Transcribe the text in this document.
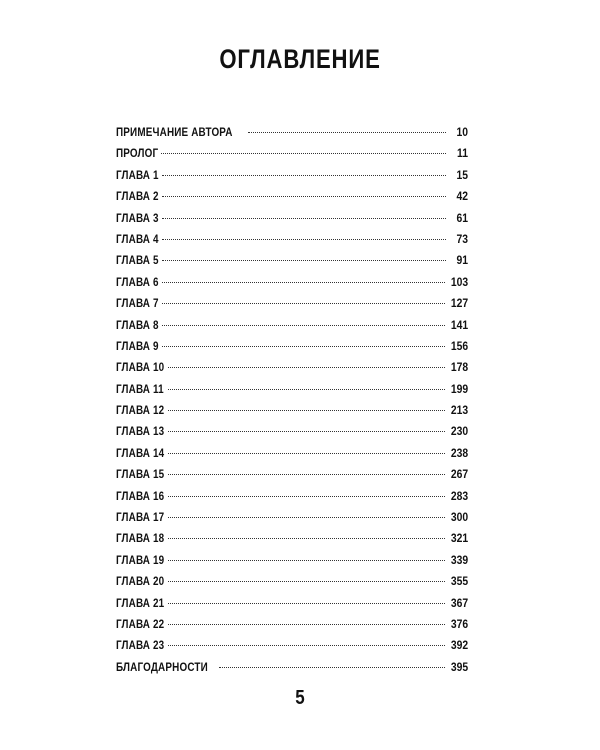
ОГЛАВЛЕНИЕ
ПРИМЕЧАНИЕ АВТОРА	10
ПРОЛОГ	11
ГЛАВА 1	15
ГЛАВА 2	42
ГЛАВА 3	61
ГЛАВА 4	73
ГЛАВА 5	91
ГЛАВА 6	103
ГЛАВА 7	127
ГЛАВА 8	141
ГЛАВА 9	156
ГЛАВА 10	178
ГЛАВА 11	199
ГЛАВА 12	213
ГЛАВА 13	230
ГЛАВА 14	238
ГЛАВА 15	267
ГЛАВА 16	283
ГЛАВА 17	300
ГЛАВА 18	321
ГЛАВА 19	339
ГЛАВА 20	355
ГЛАВА 21	367
ГЛАВА 22	376
ГЛАВА 23	392
БЛАГОДАРНОСТИ	395
5
